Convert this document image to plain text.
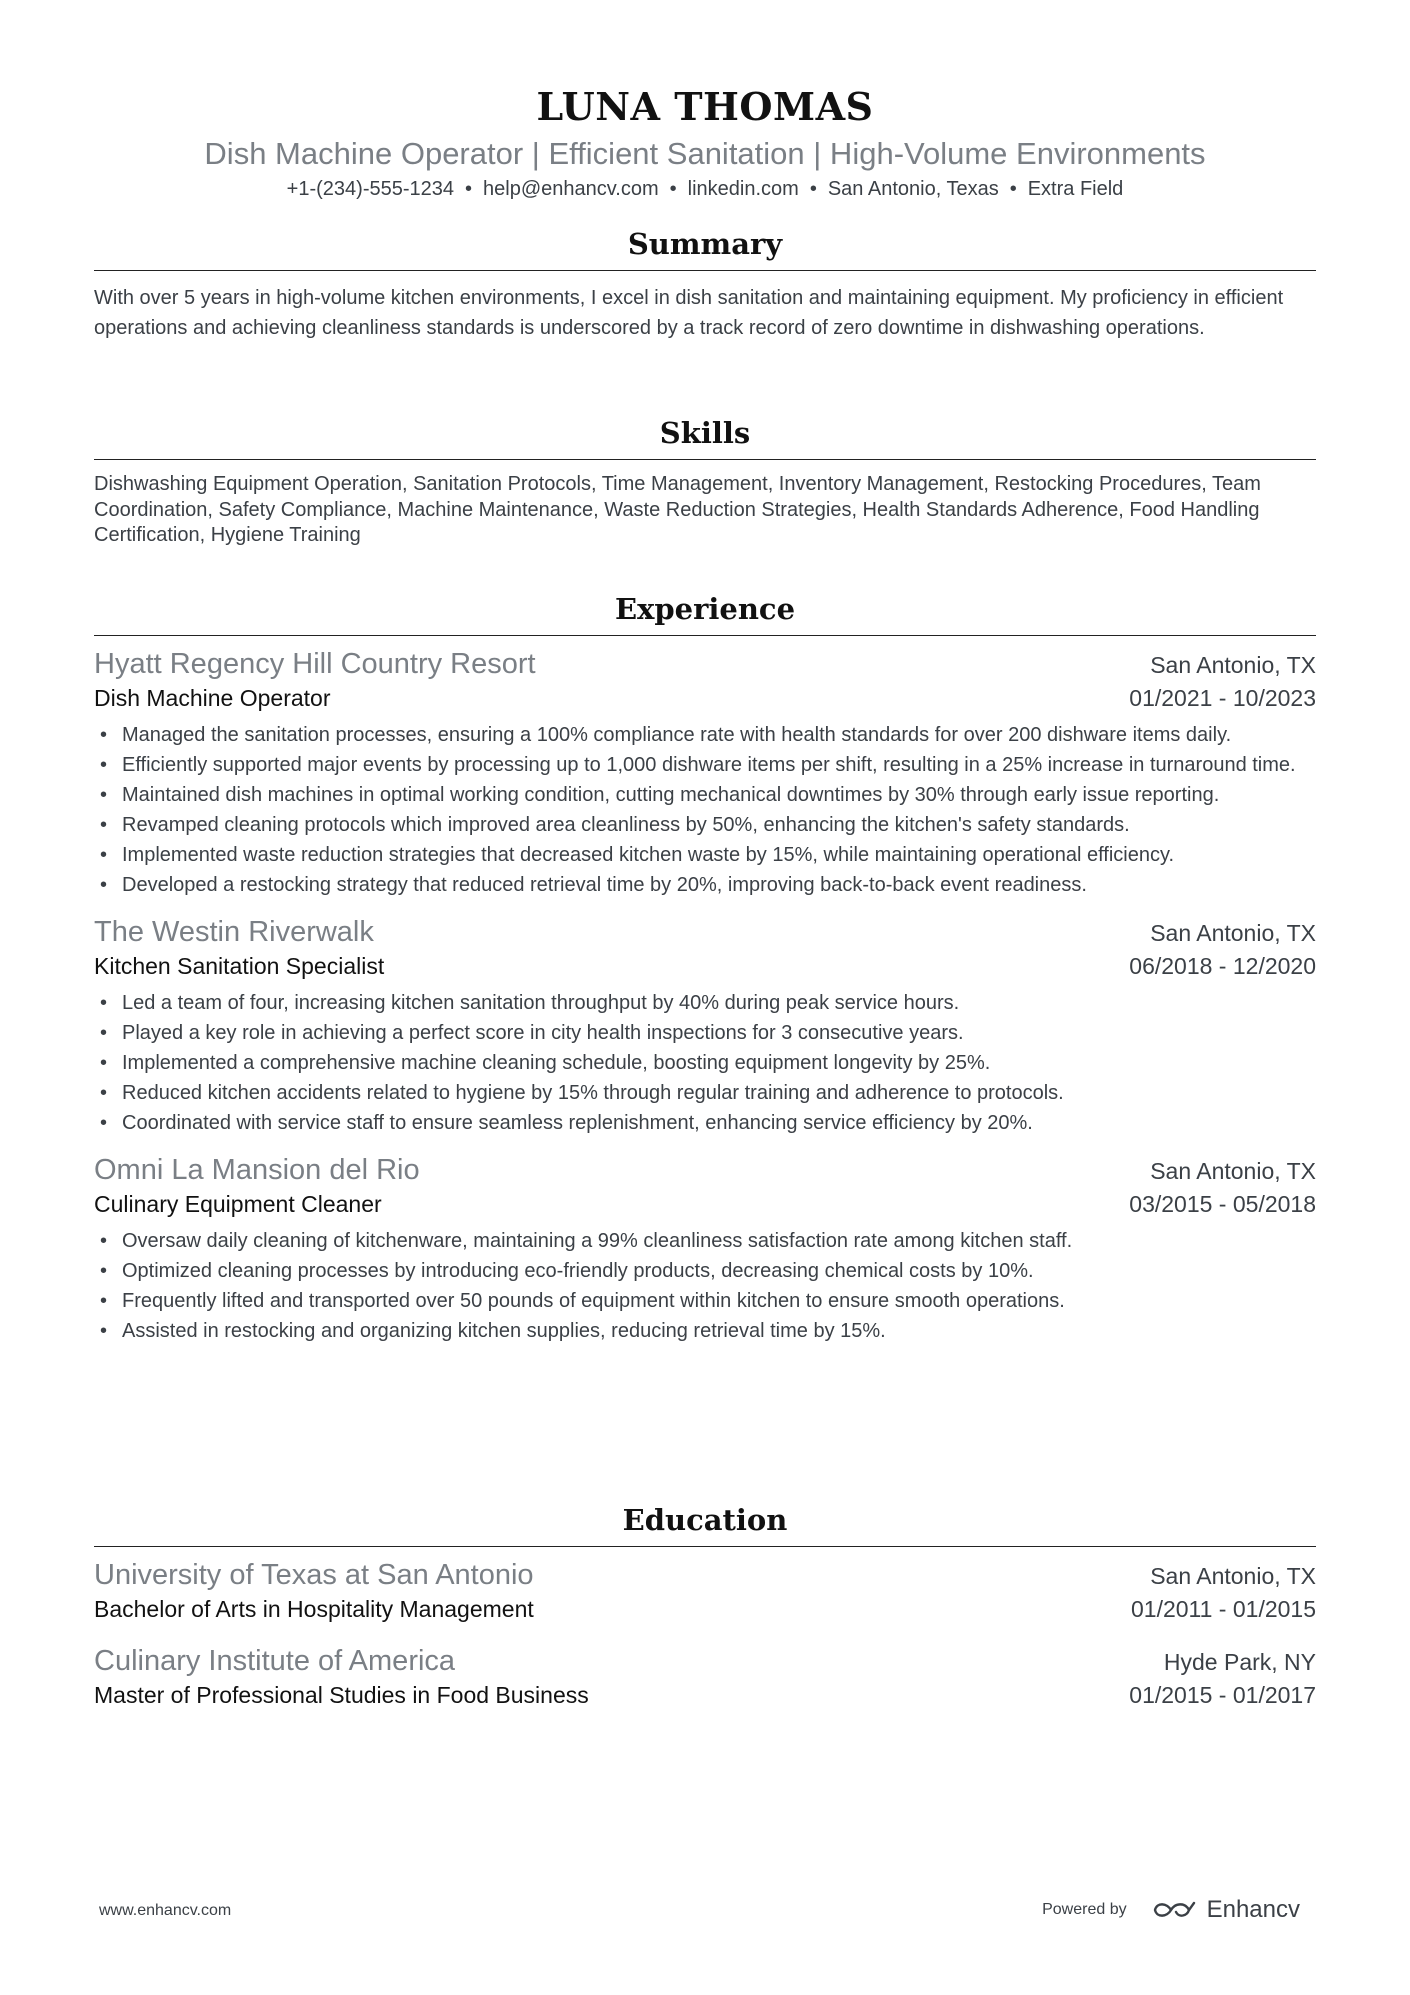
LUNA THOMAS
Dish Machine Operator | Efficient Sanitation | High-Volume Environments
+1-(234)-555-1234 • help@enhancv.com • linkedin.com • San Antonio, Texas • Extra Field
Summary
With over 5 years in high-volume kitchen environments, I excel in dish sanitation and maintaining equipment. My proficiency in efficient operations and achieving cleanliness standards is underscored by a track record of zero downtime in dishwashing operations.
Skills
Dishwashing Equipment Operation, Sanitation Protocols, Time Management, Inventory Management, Restocking Procedures, Team Coordination, Safety Compliance, Machine Maintenance, Waste Reduction Strategies, Health Standards Adherence, Food Handling Certification, Hygiene Training
Experience
Hyatt Regency Hill Country Resort	San Antonio, TX
Dish Machine Operator	01/2021 - 10/2023
• Managed the sanitation processes, ensuring a 100% compliance rate with health standards for over 200 dishware items daily.
• Efficiently supported major events by processing up to 1,000 dishware items per shift, resulting in a 25% increase in turnaround time.
• Maintained dish machines in optimal working condition, cutting mechanical downtimes by 30% through early issue reporting.
• Revamped cleaning protocols which improved area cleanliness by 50%, enhancing the kitchen's safety standards.
• Implemented waste reduction strategies that decreased kitchen waste by 15%, while maintaining operational efficiency.
• Developed a restocking strategy that reduced retrieval time by 20%, improving back-to-back event readiness.
The Westin Riverwalk	San Antonio, TX
Kitchen Sanitation Specialist	06/2018 - 12/2020
• Led a team of four, increasing kitchen sanitation throughput by 40% during peak service hours.
• Played a key role in achieving a perfect score in city health inspections for 3 consecutive years.
• Implemented a comprehensive machine cleaning schedule, boosting equipment longevity by 25%.
• Reduced kitchen accidents related to hygiene by 15% through regular training and adherence to protocols.
• Coordinated with service staff to ensure seamless replenishment, enhancing service efficiency by 20%.
Omni La Mansion del Rio	San Antonio, TX
Culinary Equipment Cleaner	03/2015 - 05/2018
• Oversaw daily cleaning of kitchenware, maintaining a 99% cleanliness satisfaction rate among kitchen staff.
• Optimized cleaning processes by introducing eco-friendly products, decreasing chemical costs by 10%.
• Frequently lifted and transported over 50 pounds of equipment within kitchen to ensure smooth operations.
• Assisted in restocking and organizing kitchen supplies, reducing retrieval time by 15%.
Education
University of Texas at San Antonio	San Antonio, TX
Bachelor of Arts in Hospitality Management	01/2011 - 01/2015
Culinary Institute of America	Hyde Park, NY
Master of Professional Studies in Food Business	01/2015 - 01/2017
www.enhancv.com	Powered by	Enhancv
